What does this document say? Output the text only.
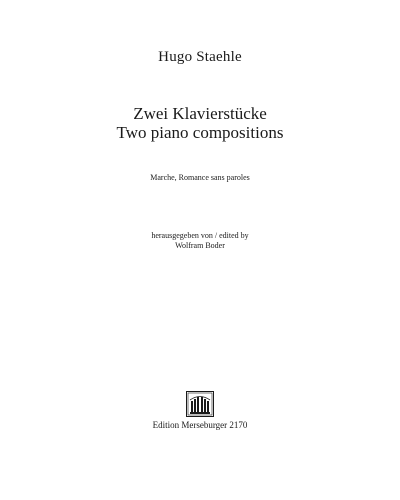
Hugo Staehle
Zwei Klavierstücke
Two piano compositions
Marche, Romance sans paroles
herausgegeben von / edited by
Wolfram Boder
Edition Merseburger 2170
